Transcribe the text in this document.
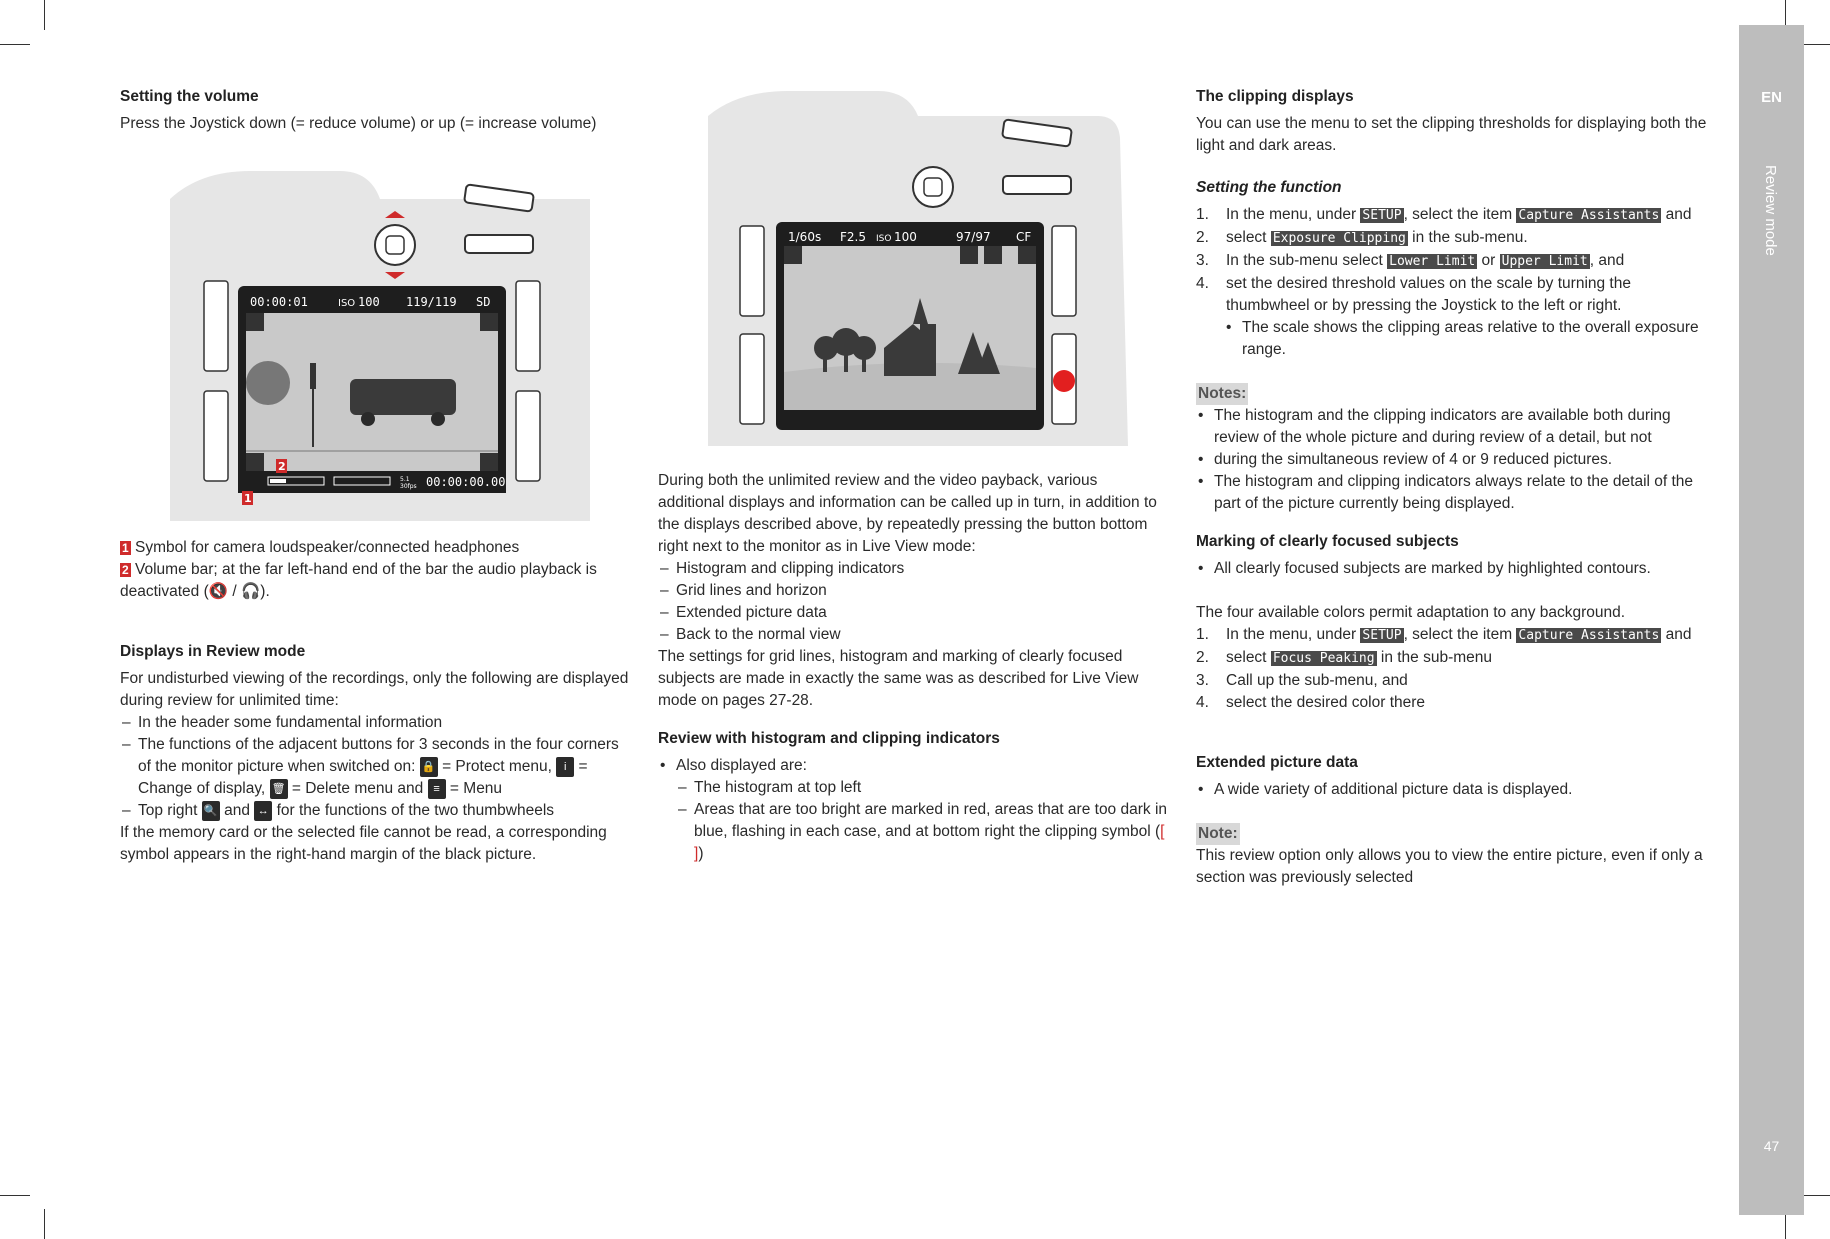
Setting the volume

Press the Joystick down (= reduce volume) or up (= increase volume)

00:00:01	ISO 100 119/119 SD
5.1
30fps 00:00:00.00
2
1

1 Symbol for camera loudspeaker/connected headphones

2 Volume bar; at the far left-hand end of the bar the audio playback is deactivated (🔇 / 🎧).

Displays in Review mode

For undisturbed viewing of the recordings, only the following are displayed during review for unlimited time:

– In the header some fundamental information
– The functions of the adjacent buttons for 3 seconds in the four corners of the monitor picture when switched on: 🔒 = Protect menu, i = Change of display, 🗑 = Delete menu and ≡ = Menu
– Top right 🔍 and ↔ for the functions of the two thumbwheels

If the memory card or the selected file cannot be read, a corresponding symbol appears in the right-hand margin of the black picture.

1/60s F2.5 ISO 100	97/97 CF

During both the unlimited review and the video payback, various additional displays and information can be called up in turn, in addition to the displays described above, by repeatedly pressing the button bottom right next to the monitor as in Live View mode:

– Histogram and clipping indicators
– Grid lines and horizon
– Extended picture data
– Back to the normal view

The settings for grid lines, histogram and marking of clearly focused subjects are made in exactly the same was as described for Live View mode on pages 27-28.

Review with histogram and clipping indicators
• Also displayed are:
– The histogram at top left
– Areas that are too bright are marked in red, areas that are too dark in blue, flashing in each case, and at bottom right the clipping symbol ([ ])
The clipping displays

You can use the menu to set the clipping thresholds for displaying both the light and dark areas.

Setting the function
1. In the menu, under SETUP , select the item Capture Assistants and
2. select Exposure Clipping in the sub-menu.
3. In the sub-menu select Lower Limit or Upper Limit , and
4. set the desired threshold values on the scale by turning the thumbwheel or by pressing the Joystick to the left or right.
• The scale shows the clipping areas relative to the overall exposure range.
Notes:
• The histogram and the clipping indicators are available both during review of the whole picture and during review of a detail, but not
• during the simultaneous review of 4 or 9 reduced pictures.
• The histogram and clipping indicators always relate to the detail of the part of the picture currently being displayed.
Marking of clearly focused subjects
• All clearly focused subjects are marked by highlighted contours.

The four available colors permit adaptation to any background.

1. In the menu, under SETUP , select the item Capture Assistants and
2. select Focus Peaking in the sub-menu
3. Call up the sub-menu, and
4. select the desired color there
Extended picture data
• A wide variety of additional picture data is displayed.
Note:

This review option only allows you to view the entire picture, even if only a section was previously selected

EN
Review mode
47
